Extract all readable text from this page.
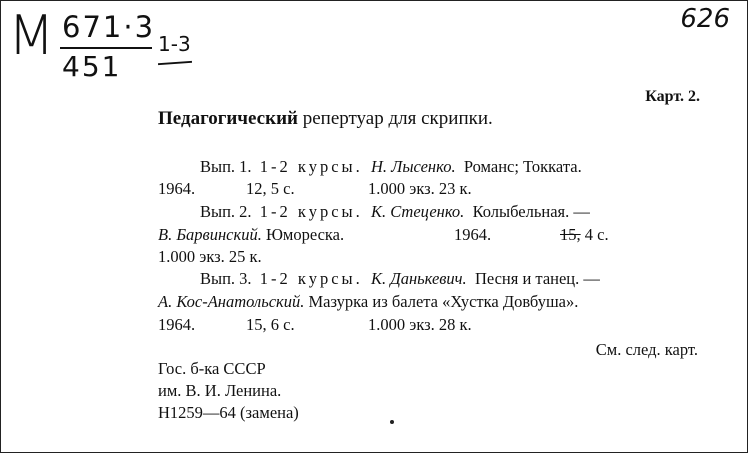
М 671·3
451
1-3
626
Карт. 2.
Педагогический репертуар для скрипки.
Вып. 1. 1-2 курсы. Н. Лысенко. Романс; Токката.
1964.	12, 5 с.	1.000 экз. 23 к.
Вып. 2. 1-2 курсы. К. Стеценко. Колыбельная. —
В. Барвинский. Юмореска.	1964.	15, 4 с.
1.000 экз. 25 к.
Вып. 3. 1-2 курсы. К. Данькевич. Песня и танец. —
А. Кос-Анатольский. Мазурка из балета «Хустка Довбуша».
1964.	15, 6 с.	1.000 экз. 28 к.
См. след. карт.
Гос. б-ка СССР
им. В. И. Ленина.
Н1259—64 (замена)
